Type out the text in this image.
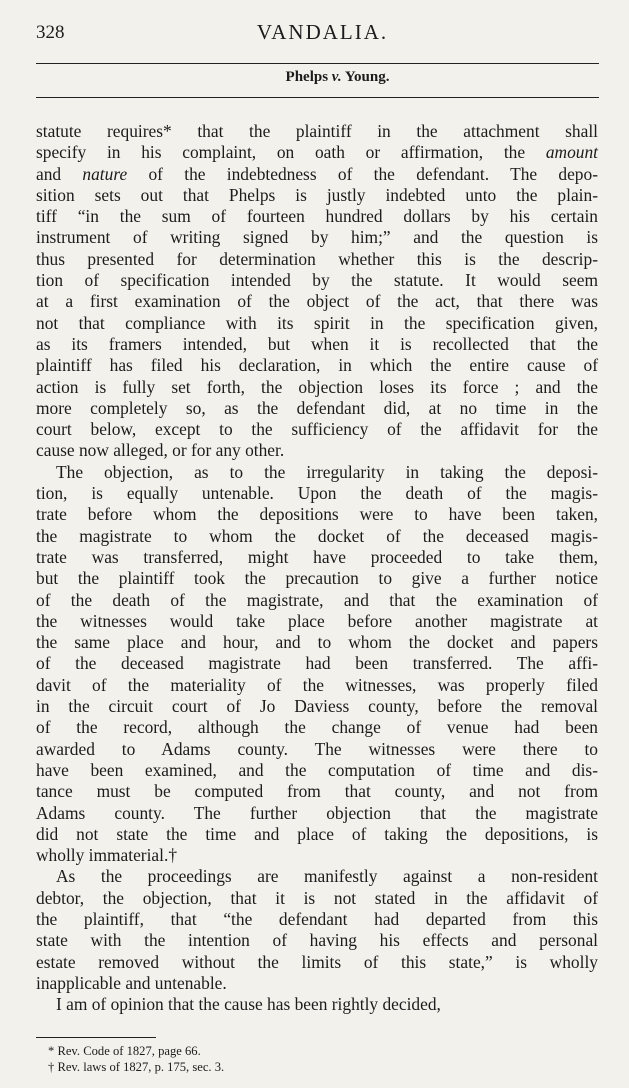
328	VANDALIA.
Phelps v. Young.

statute requires* that the plaintiff in the attachment shall
specify in his complaint, on oath or affirmation, the amount
and nature of the indebtedness of the defendant. The depo-
sition sets out that Phelps is justly indebted unto the plain-
tiff “in the sum of fourteen hundred dollars by his certain
instrument of writing signed by him;” and the question is
thus presented for determination whether this is the descrip-
tion of specification intended by the statute. It would seem
at a first examination of the object of the act, that there was
not that compliance with its spirit in the specification given,
as its framers intended, but when it is recollected that the
plaintiff has filed his declaration, in which the entire cause of
action is fully set forth, the objection loses its force ; and the
more completely so, as the defendant did, at no time in the
court below, except to the sufficiency of the affidavit for the
cause now alleged, or for any other.

The objection, as to the irregularity in taking the deposi-
tion, is equally untenable. Upon the death of the magis-
trate before whom the depositions were to have been taken,
the magistrate to whom the docket of the deceased magis-
trate was transferred, might have proceeded to take them,
but the plaintiff took the precaution to give a further notice
of the death of the magistrate, and that the examination of
the witnesses would take place before another magistrate at
the same place and hour, and to whom the docket and papers
of the deceased magistrate had been transferred. The affi-
davit of the materiality of the witnesses, was properly filed
in the circuit court of Jo Daviess county, before the removal
of the record, although the change of venue had been
awarded to Adams county. The witnesses were there to
have been examined, and the computation of time and dis-
tance must be computed from that county, and not from
Adams county. The further objection that the magistrate
did not state the time and place of taking the depositions, is
wholly immaterial.†

As the proceedings are manifestly against a non-resident
debtor, the objection, that it is not stated in the affidavit of
the plaintiff, that “the defendant had departed from this
state with the intention of having his effects and personal
estate removed without the limits of this state,” is wholly
inapplicable and untenable.

I am of opinion that the cause has been rightly decided,

* Rev. Code of 1827, page 66.
† Rev. laws of 1827, p. 175, sec. 3.
